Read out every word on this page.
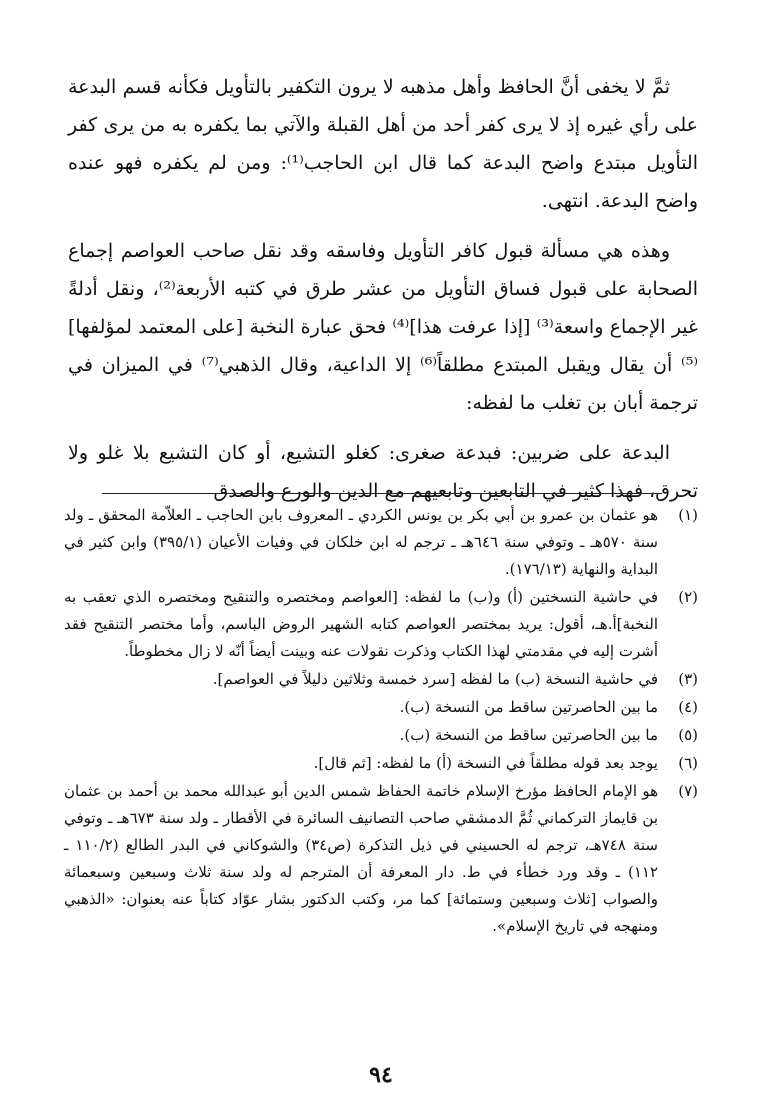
ثمَّ لا يخفى أنَّ الحافظ وأهل مذهبه لا يرون التكفير بالتأويل فكأنه قسم البدعة على رأي غيره إذ لا يرى كفر أحد من أهل القبلة والآتي بما يكفره به من يرى كفر التأويل مبتدع واضح البدعة كما قال ابن الحاجب⁽¹⁾: ومن لم يكفره فهو عنده واضح البدعة. انتهى.

وهذه هي مسألة قبول كافر التأويل وفاسقه وقد نقل صاحب العواصم إجماع الصحابة على قبول فساق التأويل من عشر طرق في كتبه الأربعة⁽²⁾، ونقل أدلةً غير الإجماع واسعة⁽³⁾ [إذا عرفت هذا]⁽⁴⁾ فحق عبارة النخبة [على المعتمد لمؤلفها]⁽⁵⁾ أن يقال ويقبل المبتدع مطلقاً⁽⁶⁾ إلا الداعية، وقال الذهبي⁽⁷⁾ في الميزان في ترجمة أبان بن تغلب ما لفظه:

البدعة على ضربين: فبدعة صغرى: كغلو التشيع، أو كان التشيع بلا غلو ولا تحرق، فهذا كثير في التابعين وتابعيهم مع الدين والورع والصدق

(١)
هو عثمان بن عمرو بن أبي بكر بن يونس الكردي ـ المعروف بابن الحاجب ـ العلاّمة المحقق ـ ولد سنة ٥٧٠هـ ـ وتوفي سنة ٦٤٦هـ ـ ترجم له ابن خلكان في وفيات الأعيان (٣٩٥/١) وابن كثير في البداية والنهاية (١٧٦/١٣).
(٢)
في حاشية النسختين (أ) و(ب) ما لفظه: [العواصم ومختصره والتنقيح ومختصره الذي تعقب به النخبة]أ.هـ، أقول: يريد بمختصر العواصم كتابه الشهير الروض الباسم، وأما مختصر التنقيح فقد أشرت إليه في مقدمتي لهذا الكتاب وذكرت نقولات عنه وبينت أيضاً أنّه لا زال مخطوطاً.
(٣)
في حاشية النسخة (ب) ما لفظه [سرد خمسة وثلاثين دليلاً في العواصم].
(٤)
ما بين الحاصرتين ساقط من النسخة (ب).
(٥)
ما بين الحاصرتين ساقط من النسخة (ب).
(٦)
يوجد بعد قوله مطلقاً في النسخة (أ) ما لفظه: [ثم قال].
(٧)
هو الإمام الحافظ مؤرخ الإسلام خاتمة الحفاظ شمس الدين أبو عبدالله محمد بن أحمد بن عثمان بن قايماز التركماني ثُمَّ الدمشقي صاحب التصانيف السائرة في الأقطار ـ ولد سنة ٦٧٣هـ ـ وتوفي سنة ٧٤٨هـ، ترجم له الحسيني في ذيل التذكرة (ص٣٤) والشوكاني في البدر الطالع (١١٠/٢ ـ ١١٢) ـ وقد ورد خطأء في ط. دار المعرفة أن المترجم له ولد سنة ثلاث وسبعين وسبعمائة والصواب [ثلاث وسبعين وستمائة] كما مر، وكتب الدكتور بشار عوّاد كتاباً عنه بعنوان: «الذهبي ومنهجه في تاريخ الإسلام».
٩٤
